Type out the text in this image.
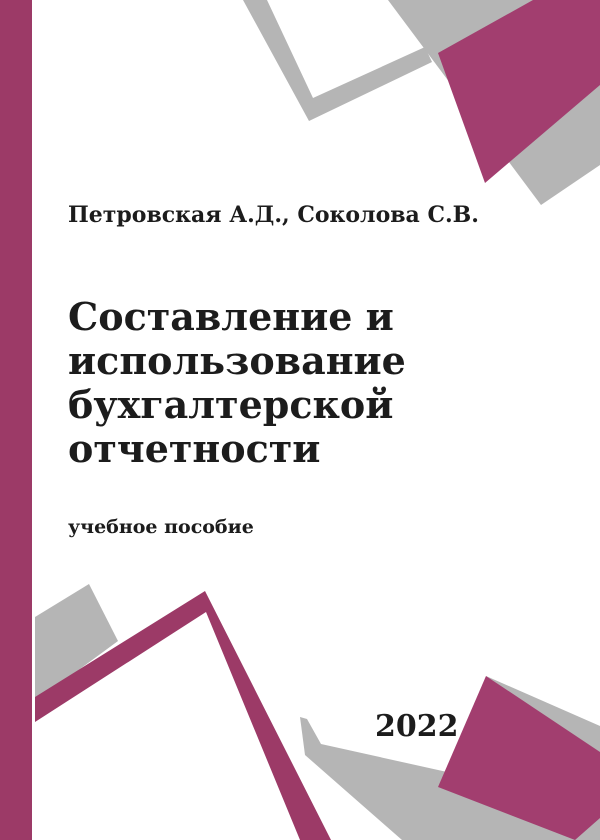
Петровская А.Д., Соколова С.В.
Составление и
использование
бухгалтерской
отчетности
учебное пособие
2022
